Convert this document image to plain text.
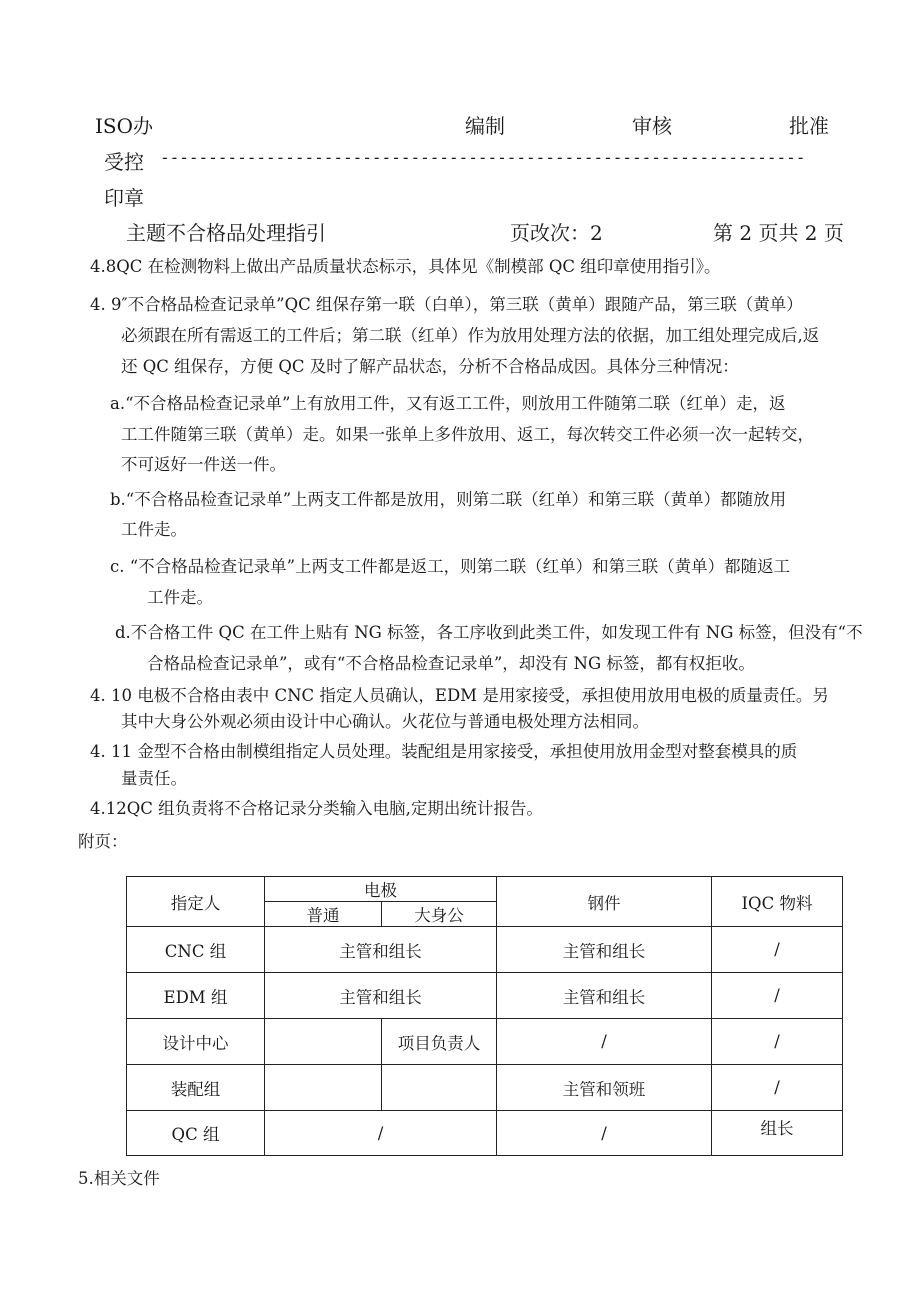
ISO办	编制	审核	批准
受控 -------------------------------------------------------------------
印章
主题不合格品处理指引	页改次：2	第 2 页共 2 页
4.8QC 在检测物料上做出产品质量状态标示，具体见《制模部 QC 组印章使用指引》。
4. 9″不合格品检查记录单”QC 组保存第一联（白单），第三联（黄单）跟随产品，第三联（黄单）
必须跟在所有需返工的工件后；第二联（红单）作为放用处理方法的依据，加工组处理完成后,返
还 QC 组保存，方便 QC 及时了解产品状态，分析不合格品成因。具体分三种情况：
a.“不合格品检查记录单”上有放用工件，又有返工工件，则放用工件随第二联（红单）走，返
工工件随第三联（黄单）走。如果一张单上多件放用、返工，每次转交工件必须一次一起转交，
不可返好一件送一件。
b.“不合格品检查记录单”上两支工件都是放用，则第二联（红单）和第三联（黄单）都随放用
工件走。
c. “不合格品检查记录单”上两支工件都是返工，则第二联（红单）和第三联（黄单）都随返工
工件走。
d.不合格工件 QC 在工件上贴有 NG 标签，各工序收到此类工件，如发现工件有 NG 标签，但没有“不
合格品检查记录单”，或有“不合格品检查记录单”，却没有 NG 标签，都有权拒收。
4. 10 电极不合格由表中 CNC 指定人员确认，EDM 是用家接受，承担使用放用电极的质量责任。另
其中大身公外观必须由设计中心确认。火花位与普通电极处理方法相同。
4. 11 金型不合格由制模组指定人员处理。装配组是用家接受，承担使用放用金型对整套模具的质
量责任。
4.12QC 组负责将不合格记录分类输入电脑,定期出统计报告。
附页：
指定人	电极		钢件	IQC 物料
	普通	大身公		
CNC 组	主管和组长		主管和组长	/
EDM 组	主管和组长		主管和组长	/
设计中心		项目负责人	/	/
装配组			主管和领班	/
QC 组	/		/	组长
5.相关文件
